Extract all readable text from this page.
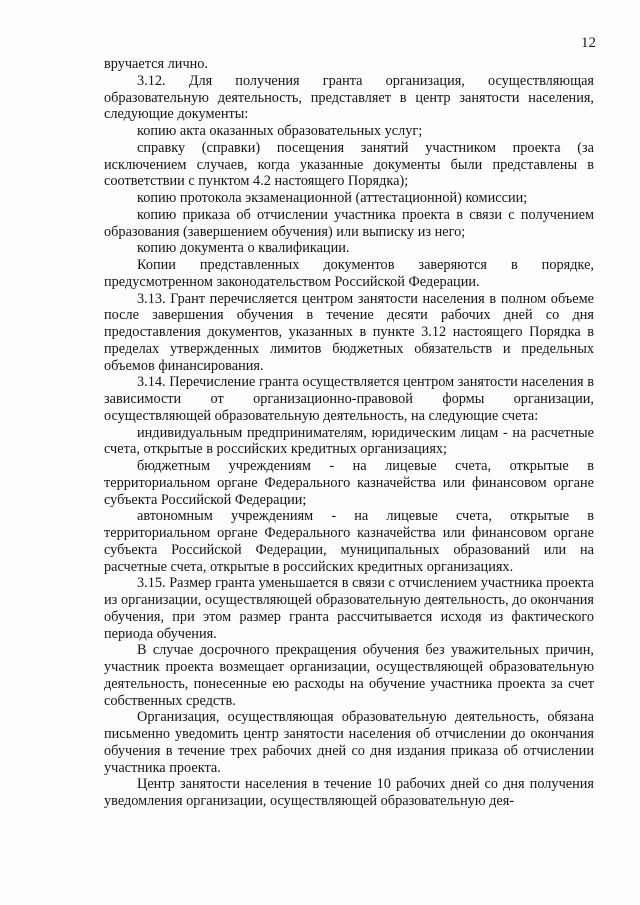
12

вручается лично.

3.12. Для получения гранта организация, осуществляющая образовательную деятельность, представляет в центр занятости населения, следующие документы:

копию акта оказанных образовательных услуг;

справку (справки) посещения занятий участником проекта (за исключением случаев, когда указанные документы были представлены в соответствии с пунктом 4.2 настоящего Порядка);

копию протокола экзаменационной (аттестационной) комиссии;

копию приказа об отчислении участника проекта в связи с получением образования (завершением обучения) или выписку из него;

копию документа о квалификации.

Копии представленных документов заверяются в порядке, предусмотренном законодательством Российской Федерации.

3.13. Грант перечисляется центром занятости населения в полном объеме после завершения обучения в течение десяти рабочих дней со дня предоставления документов, указанных в пункте 3.12 настоящего Порядка в пределах утвержденных лимитов бюджетных обязательств и предельных объемов финансирования.

3.14. Перечисление гранта осуществляется центром занятости населения в зависимости от организационно-правовой формы организации, осуществляющей образовательную деятельность, на следующие счета:

индивидуальным предпринимателям, юридическим лицам - на расчетные счета, открытые в российских кредитных организациях;

бюджетным учреждениям - на лицевые счета, открытые в территориальном органе Федерального казначейства или финансовом органе субъекта Российской Федерации;

автономным учреждениям - на лицевые счета, открытые в территориальном органе Федерального казначейства или финансовом органе субъекта Российской Федерации, муниципальных образований или на расчетные счета, открытые в российских кредитных организациях.

3.15. Размер гранта уменьшается в связи с отчислением участника проекта из организации, осуществляющей образовательную деятельность, до окончания обучения, при этом размер гранта рассчитывается исходя из фактического периода обучения.

В случае досрочного прекращения обучения без уважительных причин, участник проекта возмещает организации, осуществляющей образовательную деятельность, понесенные ею расходы на обучение участника проекта за счет собственных средств.

Организация, осуществляющая образовательную деятельность, обязана письменно уведомить центр занятости населения об отчислении до окончания обучения в течение трех рабочих дней со дня издания приказа об отчислении участника проекта.

Центр занятости населения в течение 10 рабочих дней со дня получения уведомления организации, осуществляющей образовательную дея-
